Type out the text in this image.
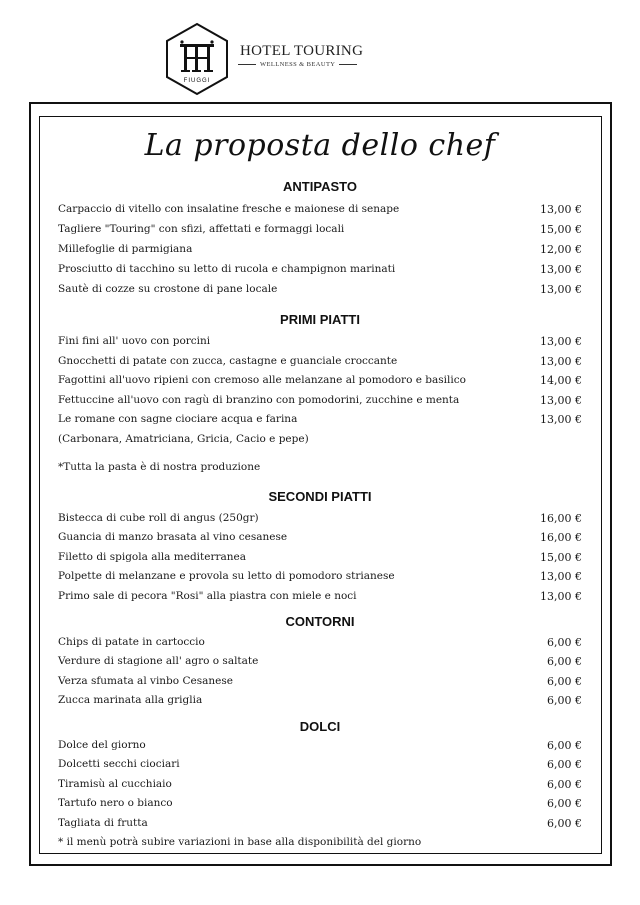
FIUGGI
HOTEL TOURING
WELLNESS & BEAUTY
La proposta dello chef
ANTIPASTO
Carpaccio di vitello con insalatine fresche e maionese di senape	13,00 €
Tagliere "Touring" con sfizi, affettati e formaggi locali	15,00 €
Millefoglie di parmigiana	12,00 €
Prosciutto di tacchino su letto di rucola e champignon marinati	13,00 €
Sautè di cozze su crostone di pane locale	13,00 €
PRIMI PIATTI
Fini fini all' uovo con porcini	13,00 €
Gnocchetti di patate con zucca, castagne e guanciale croccante	13,00 €
Fagottini all'uovo ripieni con cremoso alle melanzane al pomodoro e basilico	14,00 €
Fettuccine all'uovo con ragù di branzino con pomodorini, zucchine e menta	13,00 €
Le romane con sagne ciociare acqua e farina	13,00 €
(Carbonara, Amatriciana, Gricia, Cacio e pepe)
*Tutta la pasta è di nostra produzione
SECONDI PIATTI
Bistecca di cube roll di angus (250gr)	16,00 €
Guancia di manzo brasata al vino cesanese	16,00 €
Filetto di spigola alla mediterranea	15,00 €
Polpette di melanzane e provola su letto di pomodoro strianese	13,00 €
Primo sale di pecora "Rosi" alla piastra con miele e noci	13,00 €
CONTORNI
Chips di patate in cartoccio	6,00 €
Verdure di stagione all' agro o saltate	6,00 €
Verza sfumata al vinbo Cesanese	6,00 €
Zucca marinata alla griglia	6,00 €
DOLCI
Dolce del giorno	6,00 €
Dolcetti secchi ciociari	6,00 €
Tiramisù al cucchiaio	6,00 €
Tartufo nero o bianco	6,00 €
Tagliata di frutta	6,00 €
* il menù potrà subire variazioni in base alla disponibilità del giorno
